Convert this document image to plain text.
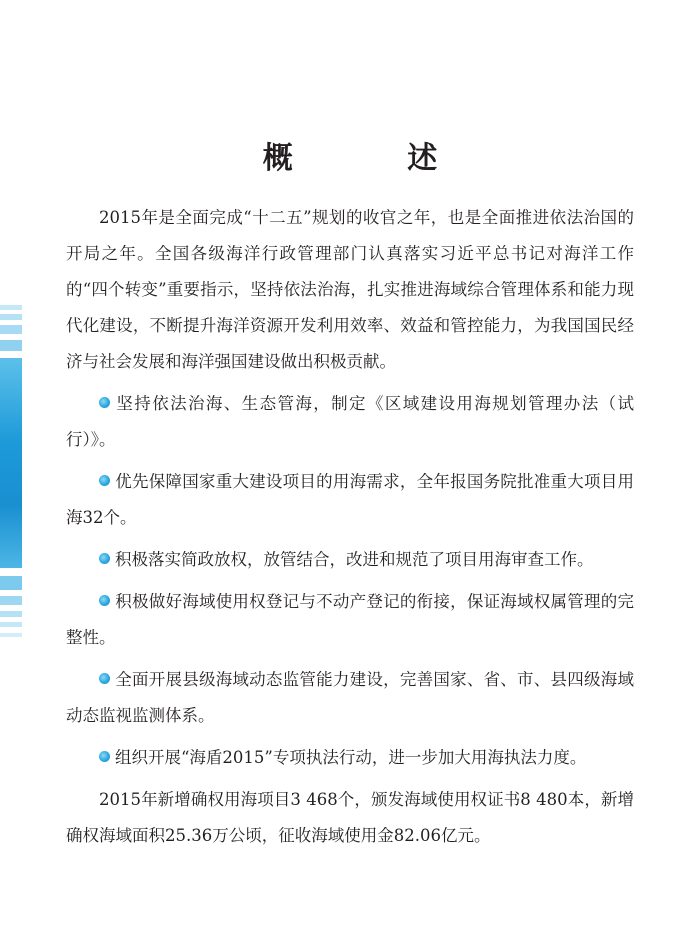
概 述

2015年是全面完成“十二五”规划的收官之年，也是全面推进依法治国的开局之年。全国各级海洋行政管理部门认真落实习近平总书记对海洋工作的“四个转变”重要指示，坚持依法治海，扎实推进海域综合管理体系和能力现代化建设，不断提升海洋资源开发利用效率、效益和管控能力，为我国国民经济与社会发展和海洋强国建设做出积极贡献。

坚持依法治海、生态管海，制定《区域建设用海规划管理办法（试行）》。

优先保障国家重大建设项目的用海需求，全年报国务院批准重大项目用海32个。

积极落实简政放权，放管结合，改进和规范了项目用海审查工作。

积极做好海域使用权登记与不动产登记的衔接，保证海域权属管理的完整性。

全面开展县级海域动态监管能力建设，完善国家、省、市、县四级海域动态监视监测体系。

组织开展“海盾2015”专项执法行动，进一步加大用海执法力度。

2015年新增确权用海项目3 468个，颁发海域使用权证书8 480本，新增确权海域面积25.36万公顷，征收海域使用金82.06亿元。
